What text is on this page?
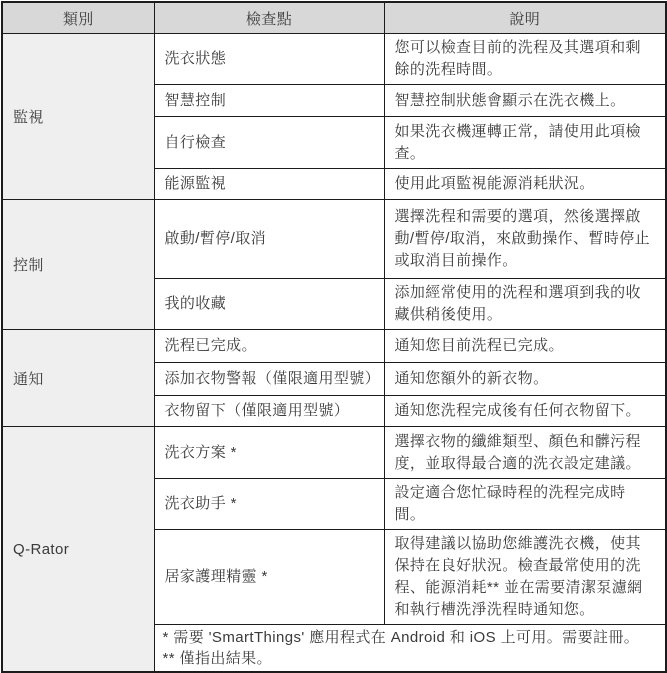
類別	檢查點	說明
監視	洗衣狀態	您可以檢查目前的洗程及其選項和剩餘的洗程時間。
	智慧控制	智慧控制狀態會顯示在洗衣機上。
	自行檢查	如果洗衣機運轉正常，請使用此項檢查。
	能源監視	使用此項監視能源消耗狀況。
控制	啟動/暫停/取消	選擇洗程和需要的選項，然後選擇啟動/暫停/取消，來啟動操作、暫時停止或取消目前操作。
	我的收藏	添加經常使用的洗程和選項到我的收藏供稍後使用。
通知	洗程已完成。	通知您目前洗程已完成。
	添加衣物警報（僅限適用型號）	通知您額外的新衣物。
	衣物留下（僅限適用型號）	通知您洗程完成後有任何衣物留下。
Q-Rator	洗衣方案 *	選擇衣物的纖維類型、顏色和髒污程度，並取得最合適的洗衣設定建議。
	洗衣助手 *	設定適合您忙碌時程的洗程完成時間。
	居家護理精靈 *	取得建議以協助您維護洗衣機，使其保持在良好狀況。檢查最常使用的洗程、能源消耗** 並在需要清潔泵濾網和執行槽洗淨洗程時通知您。

	* 需要 'SmartThings' 應用程式在 Android 和 iOS 上可用。需要註冊。
** 僅指出結果。	
